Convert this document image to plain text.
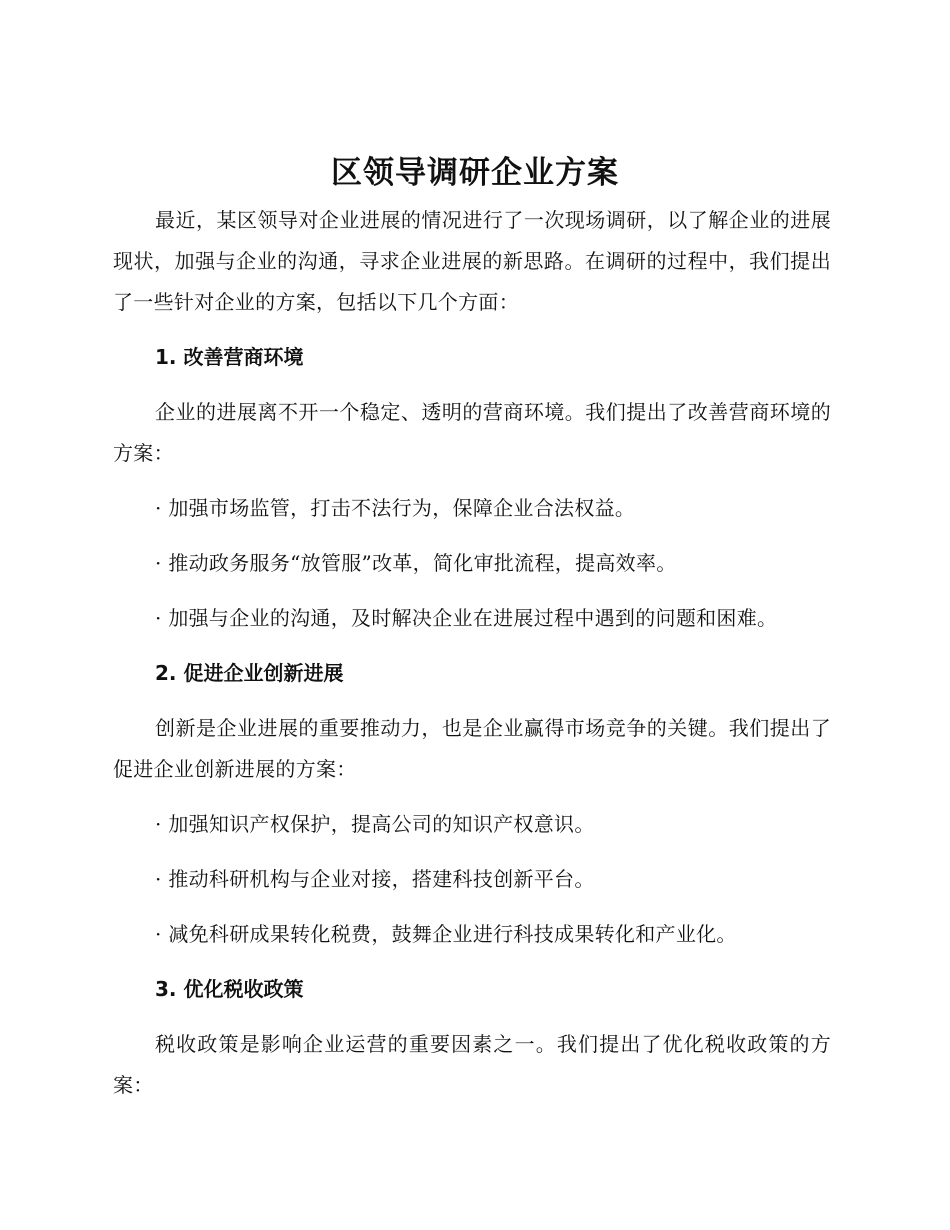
区领导调研企业方案

最近，某区领导对企业进展的情况进行了一次现场调研，以了解企业的进展现状，加强与企业的沟通，寻求企业进展的新思路。在调研的过程中，我们提出了一些针对企业的方案，包括以下几个方面：

1. 改善营商环境

企业的进展离不开一个稳定、透明的营商环境。我们提出了改善营商环境的方案：

· 加强市场监管，打击不法行为，保障企业合法权益。

· 推动政务服务“放管服”改革，简化审批流程，提高效率。

· 加强与企业的沟通，及时解决企业在进展过程中遇到的问题和困难。

2. 促进企业创新进展

创新是企业进展的重要推动力，也是企业赢得市场竞争的关键。我们提出了促进企业创新进展的方案：

· 加强知识产权保护，提高公司的知识产权意识。

· 推动科研机构与企业对接，搭建科技创新平台。

· 减免科研成果转化税费，鼓舞企业进行科技成果转化和产业化。

3. 优化税收政策

税收政策是影响企业运营的重要因素之一。我们提出了优化税收政策的方案：
